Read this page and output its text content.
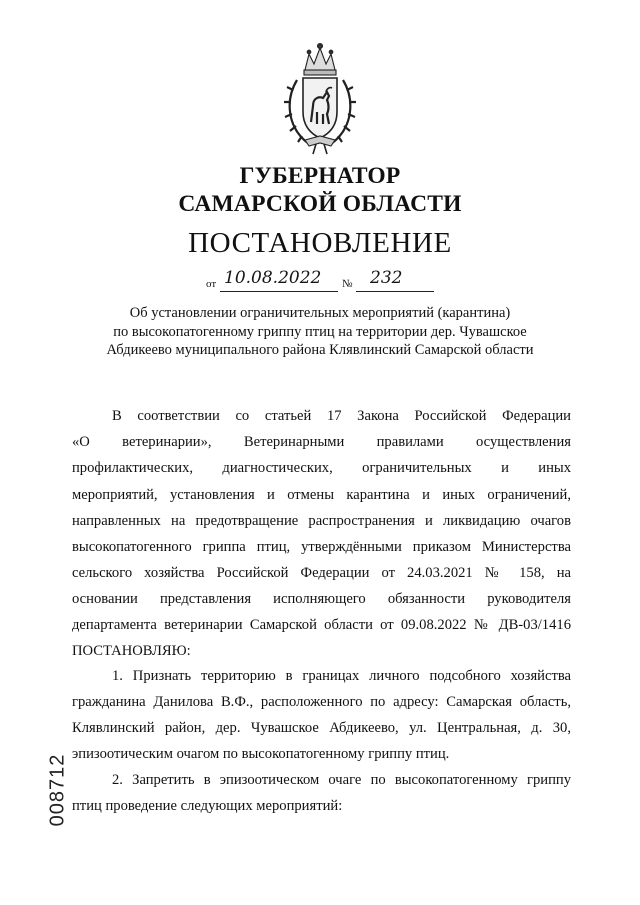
ГУБЕРНАТОР
САМАРСКОЙ ОБЛАСТИ
ПОСТАНОВЛЕНИЕ
от 10.08.2022 № 232
Об установлении ограничительных мероприятий (карантина)
по высокопатогенному гриппу птиц на территории дер. Чувашское
Абдикеево муниципального района Клявлинский Самарской области
В соответствии со статьей 17 Закона Российской Федерации
«О ветеринарии», Ветеринарными правилами осуществления
профилактических, диагностических, ограничительных и иных
мероприятий, установления и отмены карантина и иных ограничений,
направленных на предотвращение распространения и ликвидацию очагов
высокопатогенного гриппа птиц, утверждёнными приказом Министерства
сельского хозяйства Российской Федерации от 24.03.2021 № 158, на
основании представления исполняющего обязанности руководителя
департамента ветеринарии Самарской области от 09.08.2022 № ДВ-03/1416
ПОСТАНОВЛЯЮ:
1. Признать территорию в границах личного подсобного хозяйства
гражданина Данилова В.Ф., расположенного по адресу: Самарская область,
Клявлинский район, дер. Чувашское Абдикеево, ул. Центральная, д. 30,
эпизоотическим очагом по высокопатогенному гриппу птиц.
2. Запретить в эпизоотическом очаге по высокопатогенному гриппу
птиц проведение следующих мероприятий:
008712
